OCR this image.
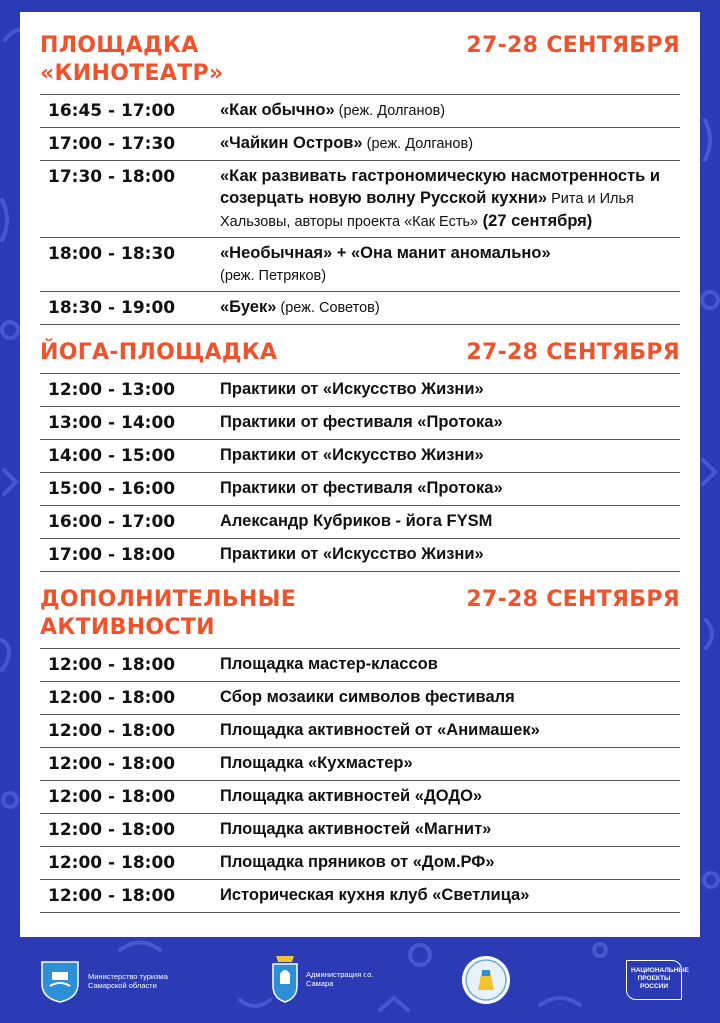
ПЛОЩАДКА «КИНОТЕАТР»
27-28 СЕНТЯБРЯ
16:45 - 17:00	«Как обычно» (реж. Долганов)
17:00 - 17:30	«Чайкин Остров» (реж. Долганов)
17:30 - 18:00	«Как развивать гастрономическую насмотренность и созерцать новую волну Русской кухни» Рита и Илья Хальзовы, авторы проекта «Как Есть» (27 сентября)
18:00 - 18:30	«Необычная» + «Она манит аномально»
(реж. Петряков)
18:30 - 19:00	«Буек» (реж. Советов)
ЙОГА-ПЛОЩАДКА	27-28 СЕНТЯБРЯ
12:00 - 13:00	Практики от «Искусство Жизни»
13:00 - 14:00	Практики от фестиваля «Протока»
14:00 - 15:00	Практики от «Искусство Жизни»
15:00 - 16:00	Практики от фестиваля «Протока»
16:00 - 17:00	Александр Кубриков - йога FYSM
17:00 - 18:00	Практики от «Искусство Жизни»
ДОПОЛНИТЕЛЬНЫЕ АКТИВНОСТИ
27-28 СЕНТЯБРЯ
12:00 - 18:00	Площадка мастер-классов
12:00 - 18:00	Сбор мозаики символов фестиваля
12:00 - 18:00	Площадка активностей от «Анимашек»
12:00 - 18:00	Площадка «Кухмастер»
12:00 - 18:00	Площадка активностей «ДОДО»
12:00 - 18:00	Площадка активностей «Магнит»
12:00 - 18:00	Площадка пряников от «Дом.РФ»
12:00 - 18:00	Историческая кухня клуб «Светлица»
Министерство туризма Самарской области
Администрация г.о. Самара
НАЦИОНАЛЬНЫЕ ПРОЕКТЫ РОССИИ
